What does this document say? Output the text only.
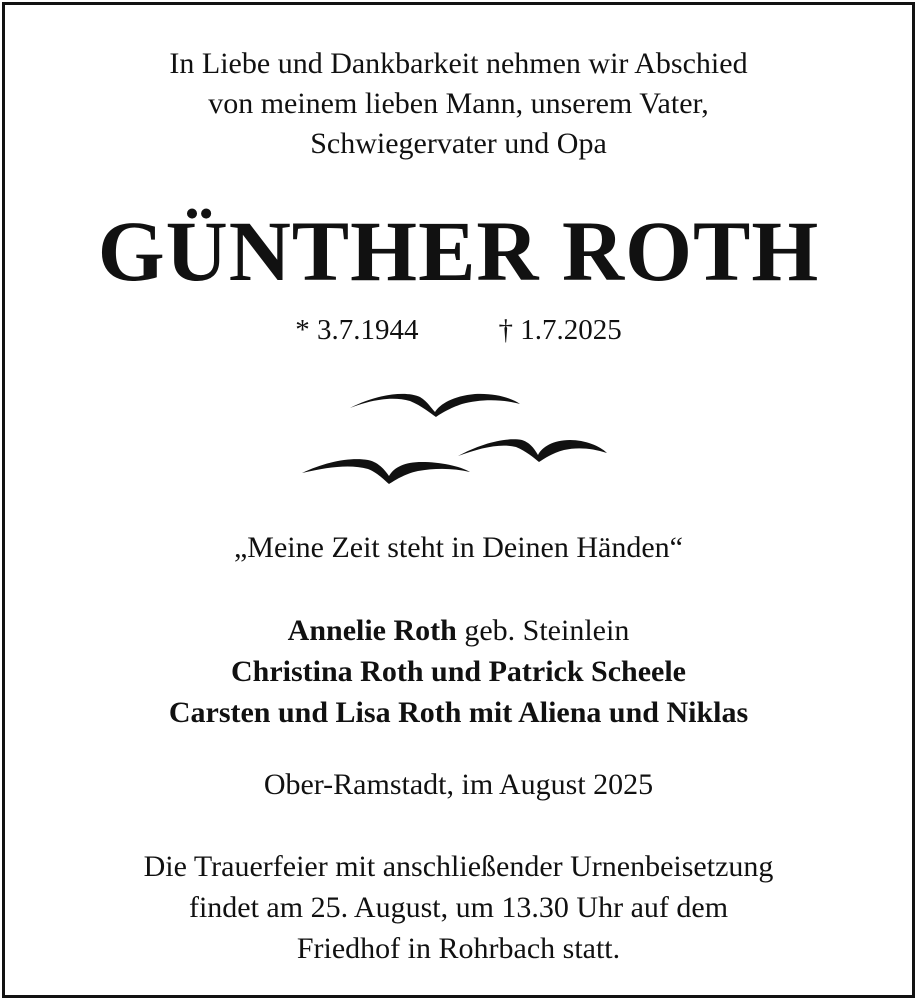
In Liebe und Dankbarkeit nehmen wir Abschied
von meinem lieben Mann, unserem Vater,
Schwiegervater und Opa
GÜNTHER ROTH
* 3.7.1944	† 1.7.2025
„Meine Zeit steht in Deinen Händen“
Annelie Roth geb. Steinlein
Christina Roth und Patrick Scheele
Carsten und Lisa Roth mit Aliena und Niklas
Ober-Ramstadt, im August 2025
Die Trauerfeier mit anschließender Urnenbeisetzung
findet am 25. August, um 13.30 Uhr auf dem
Friedhof in Rohrbach statt.
